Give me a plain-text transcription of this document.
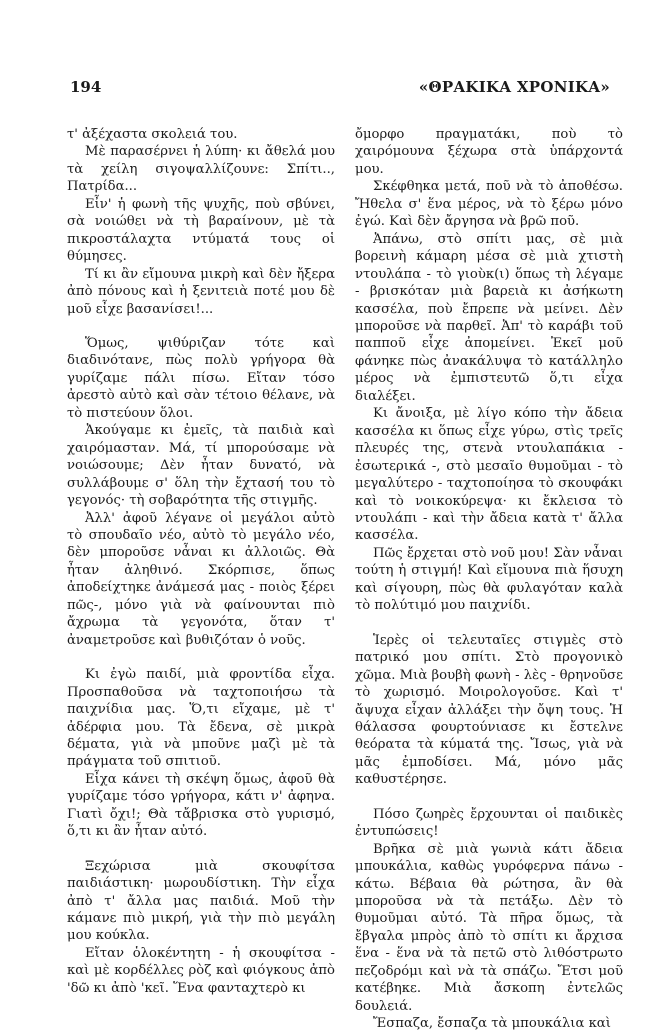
194	«ΘΡΑΚΙΚΑ ΧΡΟΝΙΚΑ»

τ' ἀξέχαστα σκολειά του.

Μὲ παρασέρνει ἡ λύπη· κι ἄθελά μου τὰ χείλη σιγοψαλλίζουνε: Σπίτι.., Πατρίδα...

Εἶν' ἡ φωνὴ τῆς ψυχῆς, ποὺ σβύνει, σὰ νοιώθει νὰ τὴ βαραίνουν, μὲ τὰ πικροστάλαχτα ντύματά τους οἱ θύμησες.

Τί κι ἂν εἴμουνα μικρὴ καὶ δὲν ἤξερα ἀπὸ πόνους καὶ ἡ ξενιτειὰ ποτέ μου δὲ μοῦ εἶχε βασανίσει!...

Ὅμως, ψιθύριζαν τότε καὶ διαδινότανε, πὼς πολὺ γρήγορα θὰ γυρίζαμε πάλι πίσω. Εἴταν τόσο ἀρεστὸ αὐτὸ καὶ σὰν τέτοιο θέλανε, νὰ τὸ πιστεύουν ὅλοι.

Ἀκούγαμε κι ἐμεῖς, τὰ παιδιὰ καὶ χαιρόμασταν. Μά, τί μπορούσαμε νὰ νοιώσουμε; Δὲν ἦταν δυνατό, νὰ συλλάβουμε σ' ὅλη τὴν ἔχτασή του τὸ γεγονός· τὴ σοβαρότητα τῆς στιγμῆς.

Ἀλλ' ἀφοῦ λέγανε οἱ μεγάλοι αὐτὸ τὸ σπουδαῖο νέο, αὐτὸ τὸ μεγάλο νέο, δὲν μποροῦσε νἆναι κι ἀλλοιῶς. Θὰ ἦταν ἀληθινό. Σκόρπισε, ὅπως ἀποδείχτηκε ἀνάμεσά μας - ποιὸς ξέρει πῶς-, μόνο γιὰ νὰ φαίνουνται πιὸ ἄχρωμα τὰ γεγονότα, ὅταν τ' ἀναμετροῦσε καὶ βυθιζόταν ὁ νοῦς.

Κι ἐγὼ παιδί, μιὰ φροντίδα εἶχα. Προσπαθοῦσα νὰ ταχτοποιήσω τὰ παιχνίδια μας. Ὅ,τι εἴχαμε, μὲ τ' ἀδέρφια μου. Τὰ ἔδενα, σὲ μικρὰ δέματα, γιὰ νὰ μποῦνε μαζὶ μὲ τὰ πράγματα τοῦ σπιτιοῦ.

Εἶχα κάνει τὴ σκέψη ὅμως, ἀφοῦ θὰ γυρίζαμε τόσο γρήγορα, κάτι ν' ἀφηνα. Γιατὶ ὄχι!; Θὰ τἄβρισκα στὸ γυρισμό, ὅ,τι κι ἂν ἦταν αὐτό.

Ξεχώρισα μιὰ σκουφίτσα παιδιάστικη· μωρουδίστικη. Τὴν εἶχα ἀπὸ τ' ἄλλα μας παιδιά. Μοῦ τὴν κάμανε πιὸ μικρή, γιὰ τὴν πιὸ μεγάλη μου κούκλα.

Εἴταν ὁλοκέντητη - ἡ σκουφίτσα - καὶ μὲ κορδέλλες ρὸζ καὶ φιόγκους ἀπὸ 'δῶ κι ἀπὸ 'κεῖ. Ἕνα φανταχτερὸ κι

ὄμορφο πραγματάκι, ποὺ τὸ χαιρόμουνα ξέχωρα στὰ ὑπάρχοντά μου.

Σκέφθηκα μετά, ποῦ νὰ τὸ ἀποθέσω. Ἤθελα σ' ἕνα μέρος, νὰ τὸ ξέρω μόνο ἐγώ. Καὶ δὲν ἄργησα νὰ βρῶ ποῦ.

Ἀπάνω, στὸ σπίτι μας, σὲ μιὰ βορεινὴ κάμαρη μέσα σὲ μιὰ χτιστὴ ντουλάπα - τὸ γιοὺκ(ι) ὅπως τὴ λέγαμε - βρισκόταν μιὰ βαρειὰ κι ἀσήκωτη κασσέλα, ποὺ ἔπρεπε νὰ μείνει. Δὲν μποροῦσε νὰ παρθεῖ. Ἀπ' τὸ καράβι τοῦ παπποῦ εἶχε ἀπομείνει. Ἐκεῖ μοῦ φάνηκε πὼς ἀνακάλυψα τὸ κατάλληλο μέρος νὰ ἐμπιστευτῶ ὅ,τι εἶχα διαλέξει.

Κι ἄνοιξα, μὲ λίγο κόπο τὴν ἄδεια κασσέλα κι ὅπως εἶχε γύρω, στὶς τρεῖς πλευρές της, στενὰ ντουλαπάκια - ἐσωτερικά -, στὸ μεσαῖο θυμοῦμαι - τὸ μεγαλύτερο - ταχτοποίησα τὸ σκουφάκι καὶ τὸ νοικοκύρεψα· κι ἔκλεισα τὸ ντουλάπι - καὶ τὴν ἄδεια κατὰ τ' ἄλλα κασσέλα.

Πῶς ἔρχεται στὸ νοῦ μου! Σὰν νἆναι τούτη ἡ στιγμή! Καὶ εἴμουνα πιὰ ἥσυχη καὶ σίγουρη, πὼς θὰ φυλαγόταν καλὰ τὸ πολύτιμό μου παιχνίδι.

Ἱερὲς οἱ τελευταῖες στιγμὲς στὸ πατρικό μου σπίτι. Στὸ προγονικὸ χῶμα. Μιὰ βουβὴ φωνὴ - λὲς - θρηνοῦσε τὸ χωρισμό. Μοιρολογοῦσε. Καὶ τ' ἄψυχα εἶχαν ἀλλάξει τὴν ὄψη τους. Ἡ θάλασσα φουρτούνιασε κι ἔστελνε θεόρατα τὰ κύματά της. Ἴσως, γιὰ νὰ μᾶς ἐμποδίσει. Μά, μόνο μᾶς καθυστέρησε.

Πόσο ζωηρὲς ἔρχουνται οἱ παιδικὲς ἐντυπώσεις!

Βρῆκα σὲ μιὰ γωνιὰ κάτι ἄδεια μπουκάλια, καθὼς γυρόφερνα πάνω - κάτω. Βέβαια θὰ ρώτησα, ἂν θὰ μποροῦσα νὰ τὰ πετάξω. Δὲν τὸ θυμοῦμαι αὐτό. Τὰ πῆρα ὅμως, τὰ ἔβγαλα μπρὸς ἀπὸ τὸ σπίτι κι ἄρχισα ἕνα - ἕνα νὰ τὰ πετῶ στὸ λιθόστρωτο πεζοδρόμι καὶ νὰ τὰ σπάζω. Ἔτσι μοῦ κατέβηκε. Μιὰ ἄσκοπη ἐντελῶς δουλειά.

Ἔσπαζα, ἔσπαζα τὰ μπουκάλια καὶ
